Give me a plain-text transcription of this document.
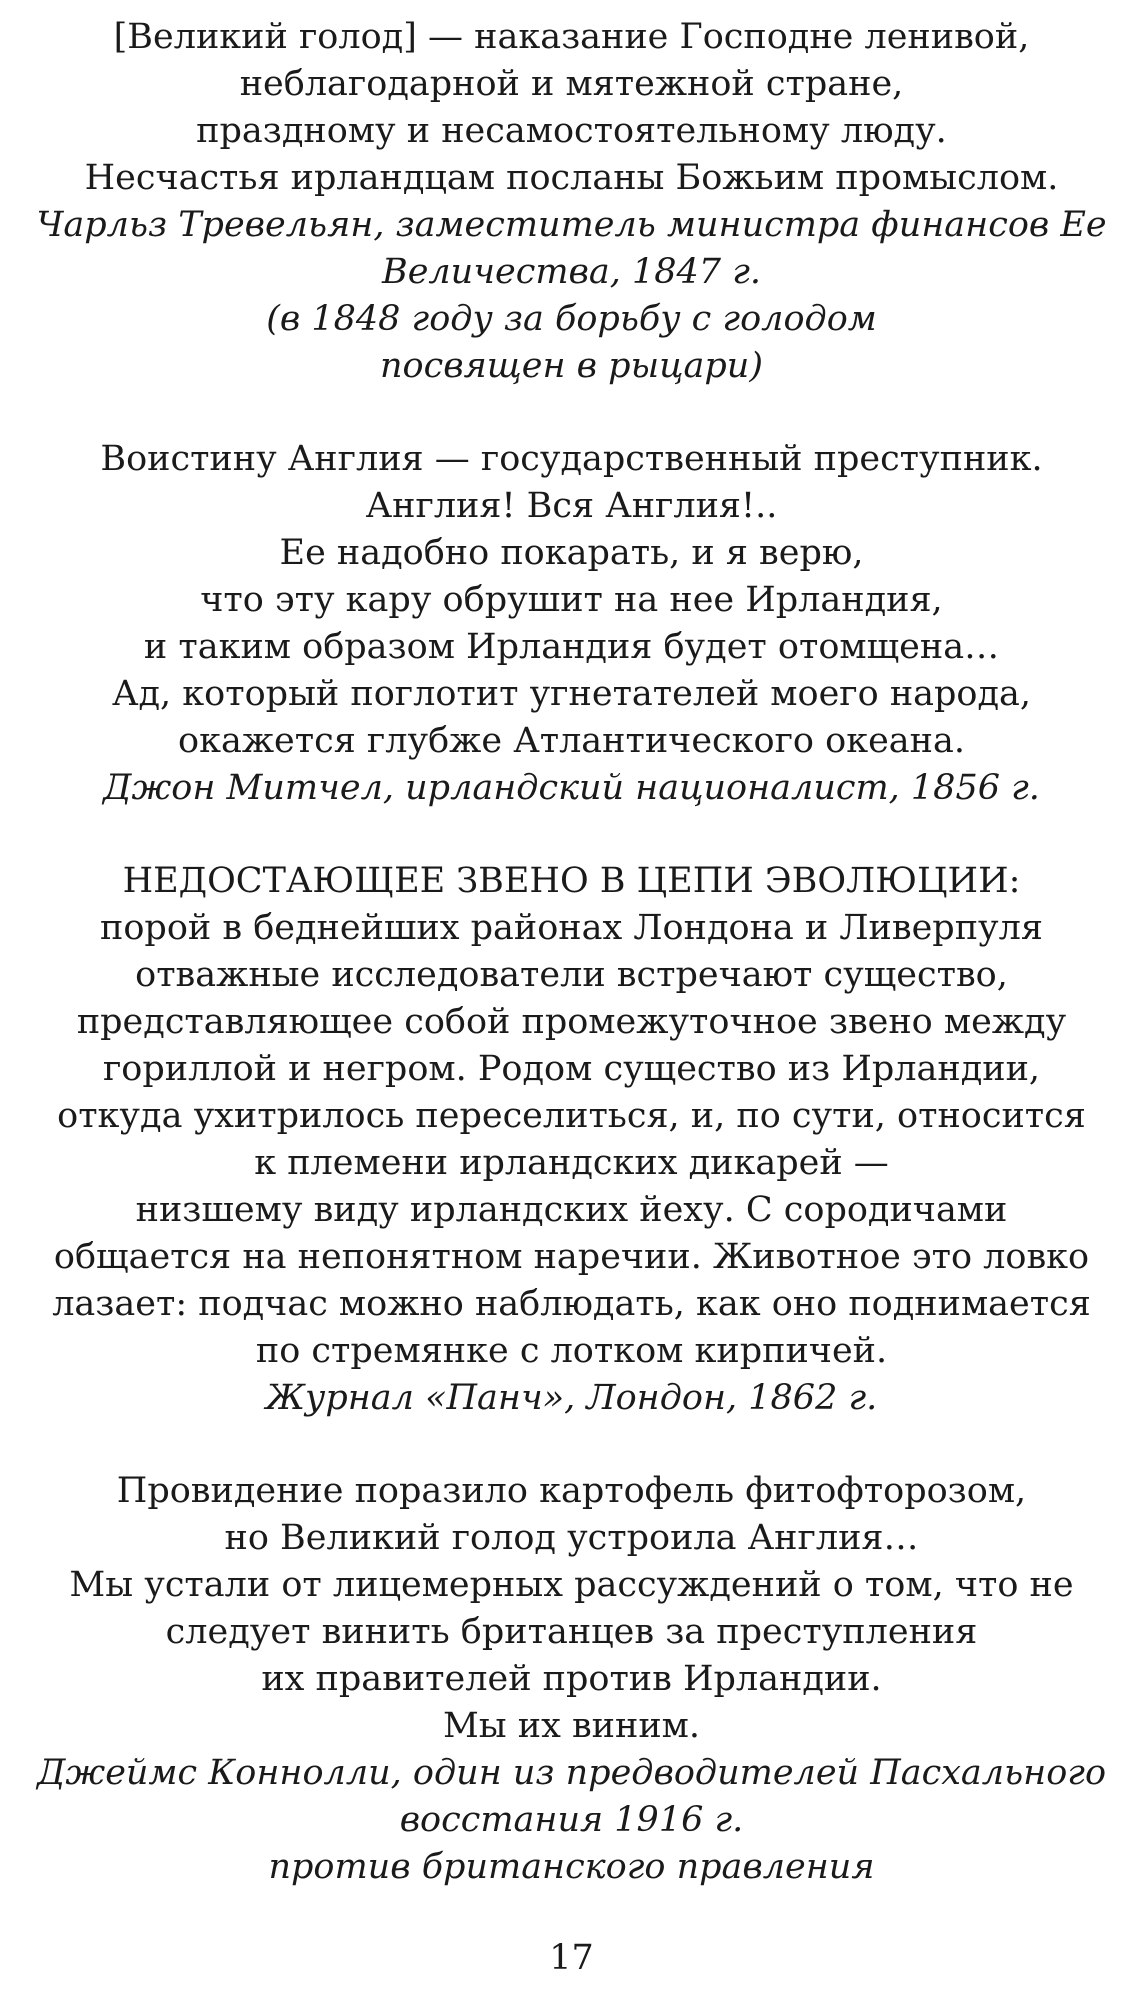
[Великий голод] — наказание Господне ленивой,
неблагодарной и мятежной стране,
праздному и несамостоятельному люду.
Несчастья ирландцам посланы Божьим промыслом.
Чарльз Тревельян, заместитель министра финансов Ее
Величества, 1847 г.
(в 1848 году за борьбу с голодом
посвящен в рыцари)
Воистину Англия — государственный преступник.
Англия! Вся Англия!..
Ее надобно покарать, и я верю,
что эту кару обрушит на нее Ирландия,
и таким образом Ирландия будет отомщена…
Ад, который поглотит угнетателей моего народа,
окажется глубже Атлантического океана.
Джон Митчел, ирландский националист, 1856 г.
НЕДОСТАЮЩЕЕ ЗВЕНО В ЦЕПИ ЭВОЛЮЦИИ:
порой в беднейших районах Лондона и Ливерпуля
отважные исследователи встречают существо,
представляющее собой промежуточное звено между
гориллой и негром. Родом существо из Ирландии,
откуда ухитрилось переселиться, и, по сути, относится
к племени ирландских дикарей —
низшему виду ирландских йеху. С сородичами
общается на непонятном наречии. Животное это ловко
лазает: подчас можно наблюдать, как оно поднимается
по стремянке с лотком кирпичей.
Журнал «Панч», Лондон, 1862 г.
Провидение поразило картофель фитофторозом,
но Великий голод устроила Англия…
Мы устали от лицемерных рассуждений о том, что не
следует винить британцев за преступления
их правителей против Ирландии.
Мы их виним.
Джеймс Коннолли, один из предводителей Пасхального
восстания 1916 г.
против британского правления
17
